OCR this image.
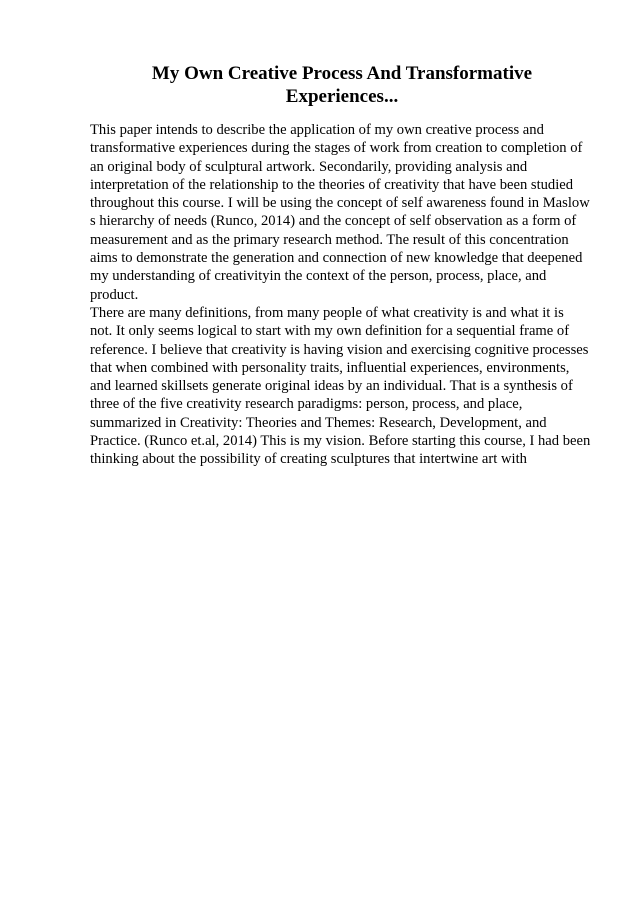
My Own Creative Process And Transformative
Experiences...
This paper intends to describe the application of my own creative process and
transformative experiences during the stages of work from creation to completion of
an original body of sculptural artwork. Secondarily, providing analysis and
interpretation of the relationship to the theories of creativity that have been studied
throughout this course. I will be using the concept of self awareness found in Maslow
s hierarchy of needs (Runco, 2014) and the concept of self observation as a form of
measurement and as the primary research method. The result of this concentration
aims to demonstrate the generation and connection of new knowledge that deepened
my understanding of creativityin the context of the person, process, place, and
product.
There are many definitions, from many people of what creativity is and what it is
not. It only seems logical to start with my own definition for a sequential frame of
reference. I believe that creativity is having vision and exercising cognitive processes
that when combined with personality traits, influential experiences, environments,
and learned skillsets generate original ideas by an individual. That is a synthesis of
three of the five creativity research paradigms: person, process, and place,
summarized in Creativity: Theories and Themes: Research, Development, and
Practice. (Runco et.al, 2014) This is my vision. Before starting this course, I had been
thinking about the possibility of creating sculptures that intertwine art with
